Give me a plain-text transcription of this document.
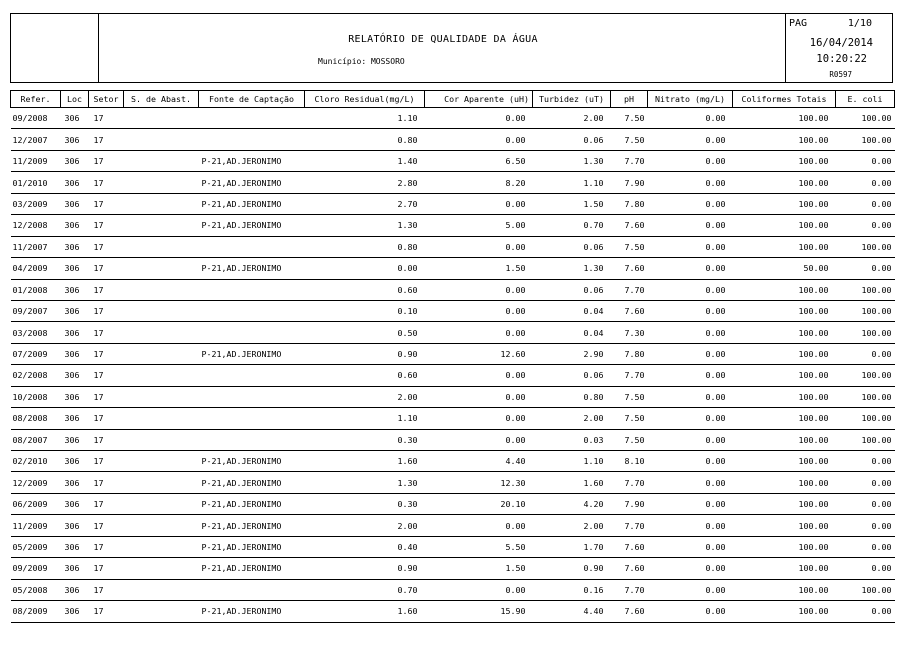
RELATÓRIO DE QUALIDADE DA ÁGUA
Município: MOSSORO
PAG	1/10
16/04/2014
10:20:22
R0597
Refer.	Loc	Setor	S. de Abast.	Fonte de Captação	Cloro Residual(mg/L)	Cor Aparente (uH)	Turbidez (uT)	pH	Nitrato (mg/L)	Coliformes Totais	E. coli
09/2008	306	17			1.10	0.00	2.00	7.50	0.00	100.00	100.00
12/2007	306	17			0.80	0.00	0.06	7.50	0.00	100.00	100.00
11/2009	306	17		P-21,AD.JERONIMO	1.40	6.50	1.30	7.70	0.00	100.00	0.00
01/2010	306	17		P-21,AD.JERONIMO	2.80	8.20	1.10	7.90	0.00	100.00	0.00
03/2009	306	17		P-21,AD.JERONIMO	2.70	0.00	1.50	7.80	0.00	100.00	0.00
12/2008	306	17		P-21,AD.JERONIMO	1.30	5.00	0.70	7.60	0.00	100.00	0.00
11/2007	306	17			0.80	0.00	0.06	7.50	0.00	100.00	100.00
04/2009	306	17		P-21,AD.JERONIMO	0.00	1.50	1.30	7.60	0.00	50.00	0.00
01/2008	306	17			0.60	0.00	0.06	7.70	0.00	100.00	100.00
09/2007	306	17			0.10	0.00	0.04	7.60	0.00	100.00	100.00
03/2008	306	17			0.50	0.00	0.04	7.30	0.00	100.00	100.00
07/2009	306	17		P-21,AD.JERONIMO	0.90	12.60	2.90	7.80	0.00	100.00	0.00
02/2008	306	17			0.60	0.00	0.06	7.70	0.00	100.00	100.00
10/2008	306	17			2.00	0.00	0.80	7.50	0.00	100.00	100.00
08/2008	306	17			1.10	0.00	2.00	7.50	0.00	100.00	100.00
08/2007	306	17			0.30	0.00	0.03	7.50	0.00	100.00	100.00
02/2010	306	17		P-21,AD.JERONIMO	1.60	4.40	1.10	8.10	0.00	100.00	0.00
12/2009	306	17		P-21,AD.JERONIMO	1.30	12.30	1.60	7.70	0.00	100.00	0.00
06/2009	306	17		P-21,AD.JERONIMO	0.30	20.10	4.20	7.90	0.00	100.00	0.00
11/2009	306	17		P-21,AD.JERONIMO	2.00	0.00	2.00	7.70	0.00	100.00	0.00
05/2009	306	17		P-21,AD.JERONIMO	0.40	5.50	1.70	7.60	0.00	100.00	0.00
09/2009	306	17		P-21,AD.JERONIMO	0.90	1.50	0.90	7.60	0.00	100.00	0.00
05/2008	306	17			0.70	0.00	0.16	7.70	0.00	100.00	100.00
08/2009	306	17		P-21,AD.JERONIMO	1.60	15.90	4.40	7.60	0.00	100.00	0.00
